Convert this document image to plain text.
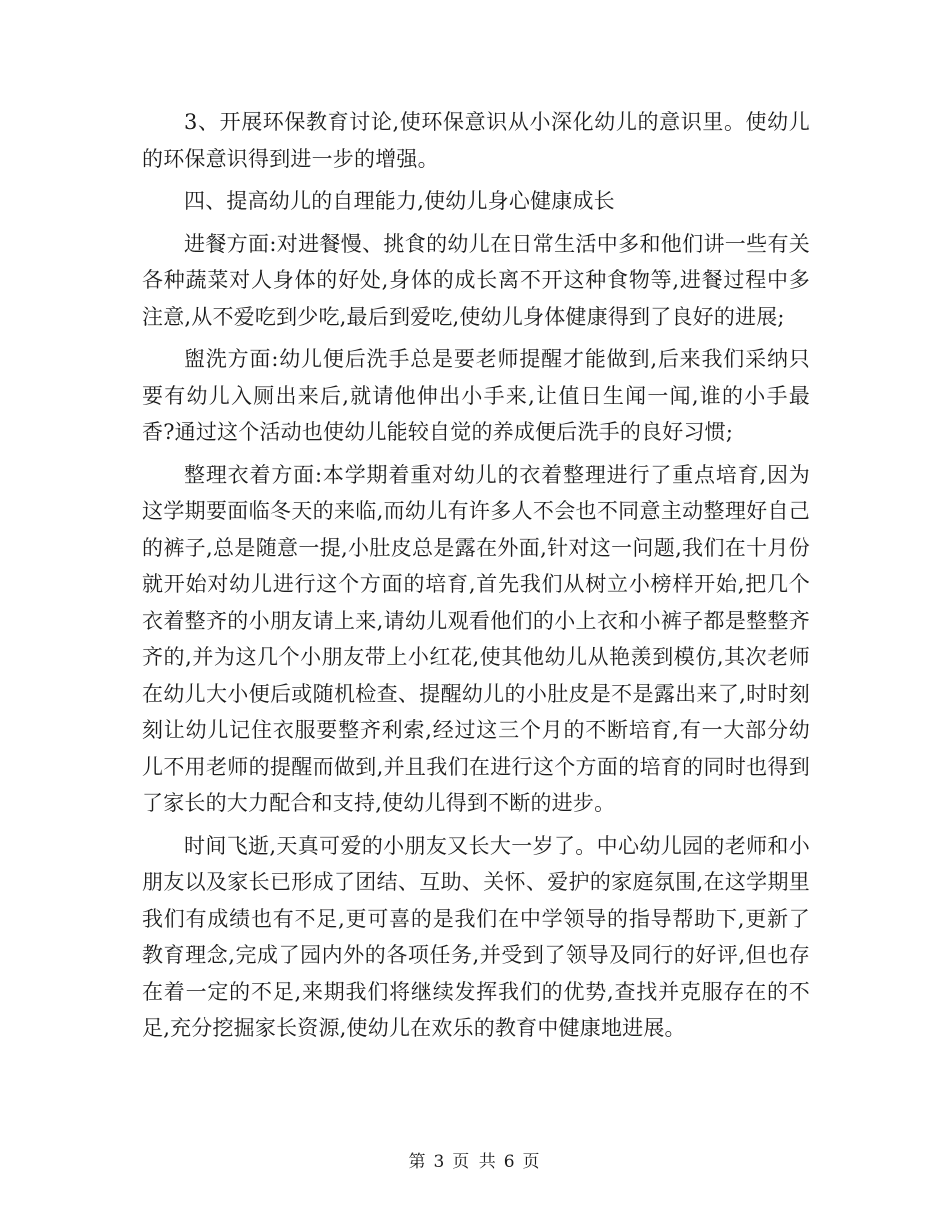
3、开展环保教育讨论,使环保意识从小深化幼儿的意识里。使幼儿的环保意识得到进一步的增强。

四、提高幼儿的自理能力,使幼儿身心健康成长

进餐方面:对进餐慢、挑食的幼儿在日常生活中多和他们讲一些有关各种蔬菜对人身体的好处,身体的成长离不开这种食物等,进餐过程中多注意,从不爱吃到少吃,最后到爱吃,使幼儿身体健康得到了良好的进展;

盥洗方面:幼儿便后洗手总是要老师提醒才能做到,后来我们采纳只要有幼儿入厕出来后,就请他伸出小手来,让值日生闻一闻,谁的小手最香?通过这个活动也使幼儿能较自觉的养成便后洗手的良好习惯;

整理衣着方面:本学期着重对幼儿的衣着整理进行了重点培育,因为这学期要面临冬天的来临,而幼儿有许多人不会也不同意主动整理好自己的裤子,总是随意一提,小肚皮总是露在外面,针对这一问题,我们在十月份就开始对幼儿进行这个方面的培育,首先我们从树立小榜样开始,把几个衣着整齐的小朋友请上来,请幼儿观看他们的小上衣和小裤子都是整整齐齐的,并为这几个小朋友带上小红花,使其他幼儿从艳羡到模仿,其次老师在幼儿大小便后或随机检查、提醒幼儿的小肚皮是不是露出来了,时时刻刻让幼儿记住衣服要整齐利索,经过这三个月的不断培育,有一大部分幼儿不用老师的提醒而做到,并且我们在进行这个方面的培育的同时也得到了家长的大力配合和支持,使幼儿得到不断的进步。

时间飞逝,天真可爱的小朋友又长大一岁了。中心幼儿园的老师和小朋友以及家长已形成了团结、互助、关怀、爱护的家庭氛围,在这学期里我们有成绩也有不足,更可喜的是我们在中学领导的指导帮助下,更新了教育理念,完成了园内外的各项任务,并受到了领导及同行的好评,但也存在着一定的不足,来期我们将继续发挥我们的优势,查找并克服存在的不足,充分挖掘家长资源,使幼儿在欢乐的教育中健康地进展。

第 3 页 共 6 页
